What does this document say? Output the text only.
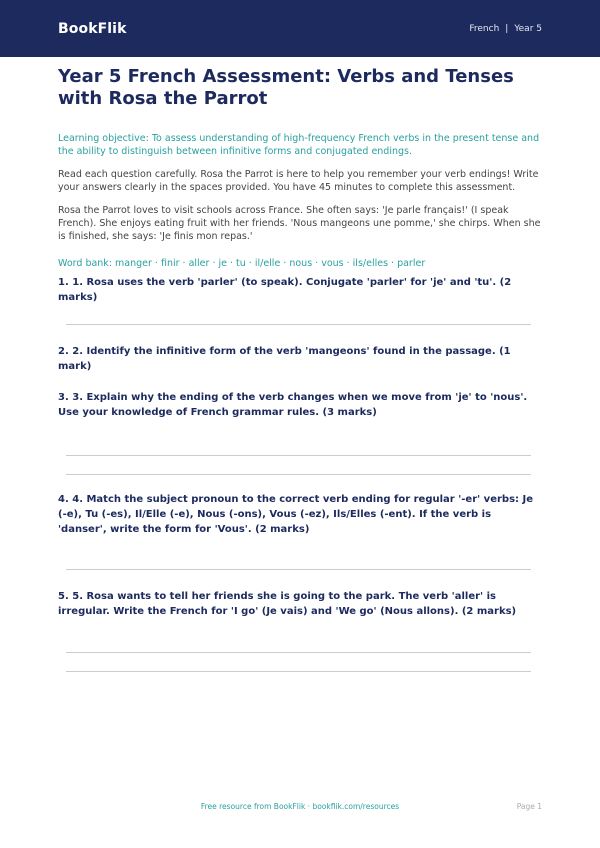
BookFlik	French | Year 5
Year 5 French Assessment: Verbs and Tenses with Rosa the Parrot

Learning objective: To assess understanding of high-frequency French verbs in the present tense and the ability to distinguish between infinitive forms and conjugated endings.

Read each question carefully. Rosa the Parrot is here to help you remember your verb endings! Write your answers clearly in the spaces provided. You have 45 minutes to complete this assessment.

Rosa the Parrot loves to visit schools across France. She often says: 'Je parle français!' (I speak French). She enjoys eating fruit with her friends. 'Nous mangeons une pomme,' she chirps. When she is finished, she says: 'Je finis mon repas.'

Word bank: manger · finir · aller · je · tu · il/elle · nous · vous · ils/elles · parler

1. 1. Rosa uses the verb 'parler' (to speak). Conjugate 'parler' for 'je' and 'tu'. (2 marks)
2. 2. Identify the infinitive form of the verb 'mangeons' found in the passage. (1 mark)
3. 3. Explain why the ending of the verb changes when we move from 'je' to 'nous'. Use your knowledge of French grammar rules. (3 marks)
4. 4. Match the subject pronoun to the correct verb ending for regular '-er' verbs: Je (-e), Tu (-es), Il/Elle (-e), Nous (-ons), Vous (-ez), Ils/Elles (-ent). If the verb is 'danser', write the form for 'Vous'. (2 marks)
5. 5. Rosa wants to tell her friends she is going to the park. The verb 'aller' is irregular. Write the French for 'I go' (Je vais) and 'We go' (Nous allons). (2 marks)
Free resource from BookFlik · bookflik.com/resources	Page 1
